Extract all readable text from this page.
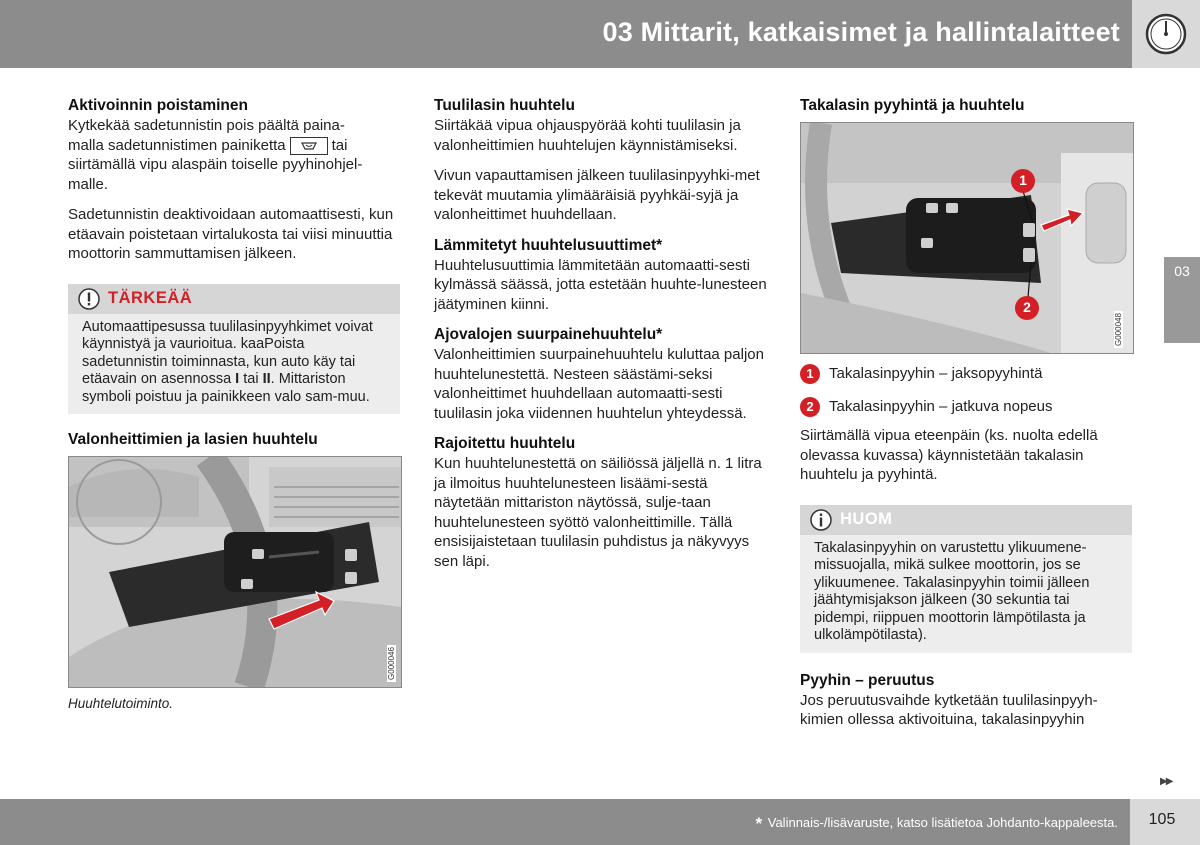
03 Mittarit, katkaisimet ja hallintalaitteet
03
Aktivoinnin poistaminen

Kytkekää sadetunnistin pois päältä paina-
malla sadetunnistimen painiketta	tai
siirtämällä vipu alaspäin toiselle pyyhinohjel-
malle.

Sadetunnistin deaktivoidaan automaattisesti, kun etäavain poistetaan virtalukosta tai viisi minuuttia moottorin sammuttamisen jälkeen.

TÄRKEÄÄ
Automaattipesussa tuulilasinpyyhkimet voivat käynnistyä ja vaurioitua. kaaPoista sadetunnistin toiminnasta, kun auto käy tai etäavain on asennossa I tai II. Mittariston symboli poistuu ja painikkeen valo sam-muu.
Valonheittimien ja lasien huuhtelu
G000046
Huuhtelutoiminto.
Tuulilasin huuhtelu

Siirtäkää vipua ohjauspyörää kohti tuulilasin ja valonheittimien huuhtelujen käynnistämiseksi.

Vivun vapauttamisen jälkeen tuulilasinpyyhki-met tekevät muutamia ylimääräisiä pyyhkäi-syjä ja valonheittimet huuhdellaan.

Lämmitetyt huuhtelusuuttimet*

Huuhtelusuuttimia lämmitetään automaatti-sesti kylmässä säässä, jotta estetään huuhte-lunesteen jäätyminen kiinni.

Ajovalojen suurpainehuuhtelu*

Valonheittimien suurpainehuuhtelu kuluttaa paljon huuhtelunestettä. Nesteen säästämi-seksi valonheittimet huuhdellaan automaatti-sesti tuulilasin joka viidennen huuhtelun yhteydessä.

Rajoitettu huuhtelu

Kun huuhtelunestettä on säiliössä jäljellä n. 1 litra ja ilmoitus huuhtelunesteen lisäämi-sestä näytetään mittariston näytössä, sulje-taan huuhtelunesteen syöttö valonheittimille. Tällä ensisijaistetaan tuulilasin puhdistus ja näkyvyys sen läpi.

Takalasin pyyhintä ja huuhtelu
1
2
G000048
1	Takalasinpyyhin – jaksopyyhintä

2	Takalasinpyyhin – jatkuva nopeus

Siirtämällä vipua eteenpäin (ks. nuolta edellä olevassa kuvassa) käynnistetään takalasin huuhtelu ja pyyhintä.

HUOM
Takalasinpyyhin on varustettu ylikuumene-missuojalla, mikä sulkee moottorin, jos se ylikuumenee. Takalasinpyyhin toimii jälleen jäähtymisjakson jälkeen (30 sekuntia tai pidempi, riippuen moottorin lämpötilasta ja ulkolämpötilasta).
Pyyhin – peruutus

Jos peruutusvaihde kytketään tuulilasinpyyh-kimien ollessa aktivoituina, takalasinpyyhin

▶▶
* Valinnais-/lisävaruste, katso lisätietoa Johdanto-kappaleesta.	105
